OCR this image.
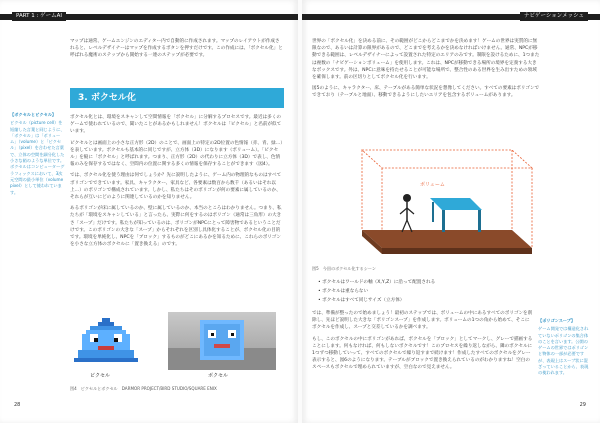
PART 1 : ゲームAI

マップは通常、ゲームエンジンのエディター内で自動的に作成されます。マップのレイアウトが作成されると、レベルデザイナーはマップを作成するボタンを押すだけです。この作成には、「ボクセル化」と呼ばれる魔術のステップから開始する一連のステップが必要です。

3. ボクセル化
【ボクセルとピクセル】
ピクセル（picture cell）を短縮した言葉と同じように、「ボクセル」は「ボリューム」（volume）と「ピクセル」（pixel）を合わせた言葉で、立体の空間を細分化した小さな箱のような単位です。ボクセルはコンピューターグラフィックスにおいて、3次元空間の最小単位（volume pixel）として使われています。

ボクセル化とは、環境をスキャンして空間情報を「ボクセル」に分解するプロセスです。最近は多くのゲームで使われているので、聞いたことがあるかもしれません！ボクセルは「ピクセル」と名前が似ています。

ピクセルとは画面上の小さな正方形（2D）のことで、画面上の特定の2D位置の色情報（赤、青、緑…）を表しています。ボクセルも基本的に同じですが、立方体（3D）になります（ボリューム）。「ピクセル」を縦に「ボクセル」と呼ばれます。つまり、正方形（2D）の代わりに立方体（3D）で表し、色情報のみを保存するではなく、空間内の位置に関する多くの情報を保存することができます（図4）。

では、ボクセル化を使う理由は何でしょうか？先に説明したように、ゲーム内の物理的なものはすべてポリゴンでできています。家具、キャラクター、家具など、各要素は数百から数千（あるいはそれ以上…）のポリゴンで構成されています。しかし、私たちはそのポリゴンが何の要素に属しているのか、それらが互いにどのように関連しているのかを知りません。

あるポリゴンが床に属しているのか、壁に属しているのか、本当のところはわかりません。つまり、私たちが「環境をスキャンしている」と言ったら、実際に何をするのはポリゴン（通常は三角形）の大きさ「スープ」だけです。私たちが知っているのは、ポリゴンがNPCにとって障害物であるということだけです。このポリゴンの大きな「スープ」からそれぞれを区別し具体化することが、ボクセル化の目的です。環境を単純化し、NPCを「ブロック」するものがどこにあるかを知るために、これらのポリゴンを小さな立方体のボクセルに「置き換える」のです。

ピクセル	ボクセル
図4　ピクセルとボクセル　DARMOR PROJECT/BIRD STUDIO/SQUARE ENIX
28
ナビゲーションメッシュ

世界の「ボクセル化」を決める前に、その範囲がどこからどこまでかを決めます！ゲームの世界は実質的に無限なので、あるいは計算の限界があるので、どこまでを考えるかを決めなければいけません。通常、NPCが移動できる範囲は、レベルデザイナーによって設置された特定のエリアのみです。制限を設けるために、1つまたは複数の「ナビゲーションボリューム」を使用します。これは、NPCが移動できる場所の境界を定義する大きなボックスです。外は、NPCに意味を持たせることが可能な場所で、整合性のある世界を生み出すための領域を確保します。前の区切りとしてボクセル化を行います。

図5のように、キャラクター、床、テーブルがある簡単な状況を想像してください。すべての要素はポリゴンでできており（テーブルと地面）、移動できるようにしたいエリアを包含するボリュームがあります。

ボリューム
図5　今回のボクセル化するシーン
• ボクセルはワールドの軸（X,Y,Z）に沿って配置される
• ボクセルは重ならない
• ボクセルはすべて同じサイズ（立方体）

では、準備が整ったので始めましょう！最初のステップでは、ボリュームの中にあるすべてのポリゴンを削除し、先ほど説明した大きな「ポリゴンスープ」を作成します。ボリュームの1つの角から始めて、そこにボクセルを作成し、スープと交差しているかを調べます。

もし、このボクセルの中にポリゴンがあれば、ボクセルを「ブロック」としてマークし、グレーで描画することにします。何もなければ、何もしないボクセルです！このプロセスを繰り返しながら、隣のボクセルに1つずつ移動していって、すべてのボクセルで繰り返すまで続けます！作成したすべてのボクセルをグレー表示すると、図6のようになります。テーブルがブロックで置き換えられているのがわかりますね！空白のスペースもボクセルで埋められていますが、空白なので見えません。

【ポリゴンスープ】
ゲーム開発では構造化されていないポリゴンの集合体のことを言います。公開のゲームの世界ではポリゴンと物体の一部が必要ですが、表現上はスープ状に混ざっていることから、表現の使われます。
29
